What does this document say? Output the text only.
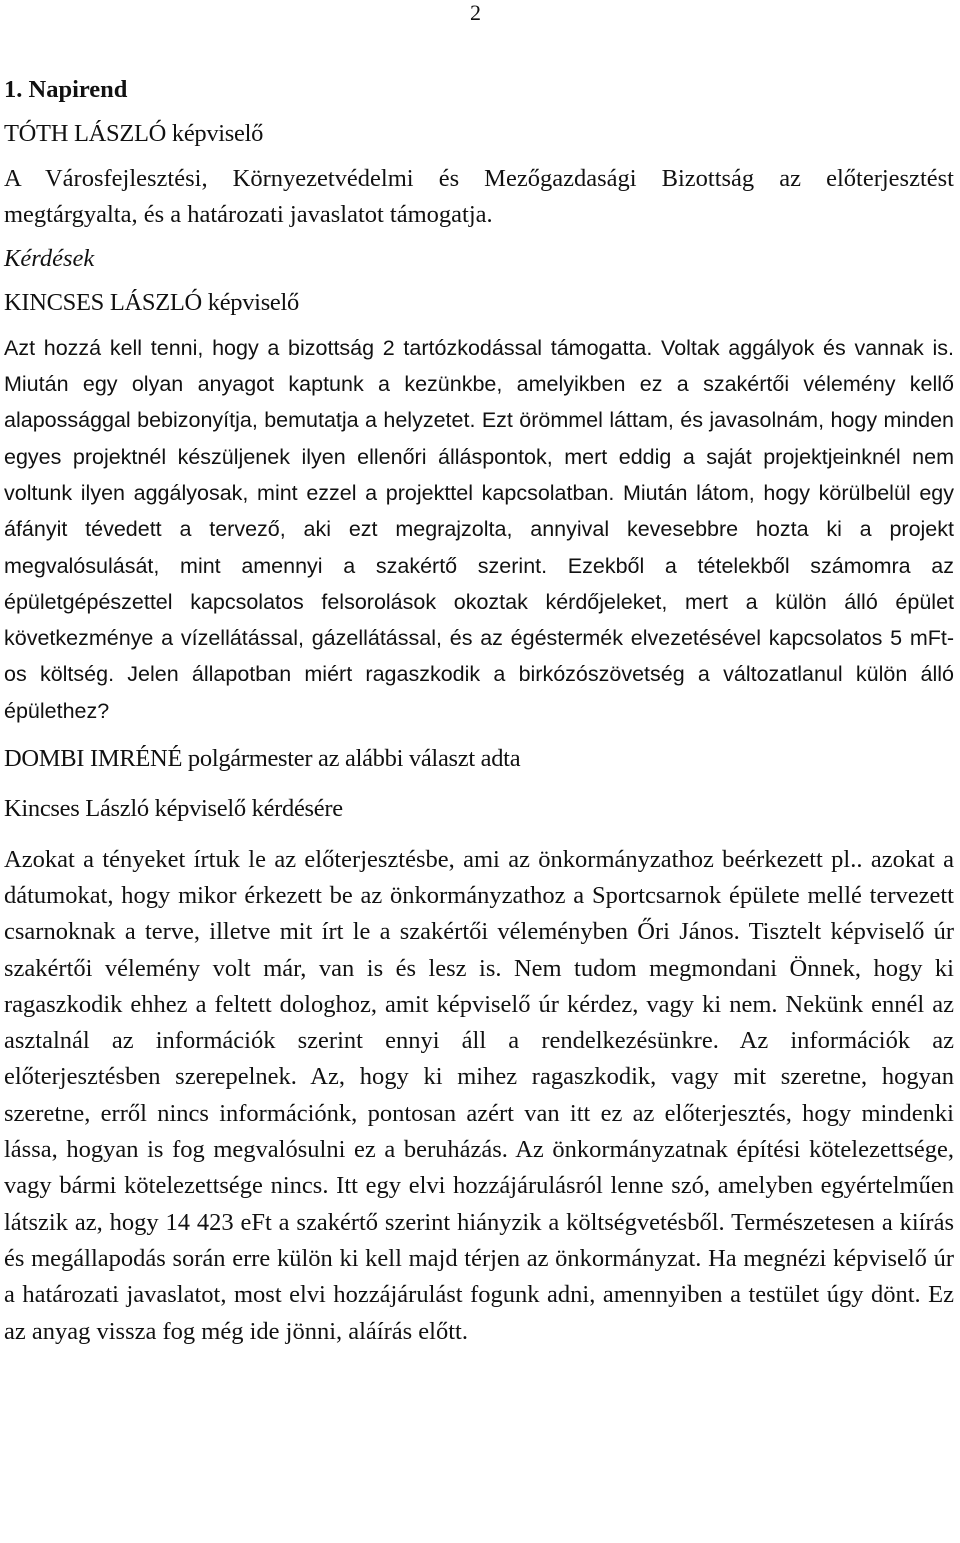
2
1. Napirend
TÓTH LÁSZLÓ képviselő
A Városfejlesztési, Környezetvédelmi és Mezőgazdasági Bizottság az előterjesztést megtárgyalta, és a határozati javaslatot támogatja.
Kérdések
KINCSES LÁSZLÓ képviselő
Azt hozzá kell tenni, hogy a bizottság 2 tartózkodással támogatta. Voltak aggályok és vannak is. Miután egy olyan anyagot kaptunk a kezünkbe, amelyikben ez a szakértői vélemény kellő alapossággal bebizonyítja, bemutatja a helyzetet. Ezt örömmel láttam, és javasolnám, hogy minden egyes projektnél készüljenek ilyen ellenőri álláspontok, mert eddig a saját projektjeinknél nem voltunk ilyen aggályosak, mint ezzel a projekttel kapcsolatban. Miután látom, hogy körülbelül egy áfányit tévedett a tervező, aki ezt megrajzolta, annyival kevesebbre hozta ki a projekt megvalósulását, mint amennyi a szakértő szerint. Ezekből a tételekből számomra az épületgépészettel kapcsolatos felsorolások okoztak kérdőjeleket, mert a külön álló épület következménye a vízellátással, gázellátással, és az égéstermék elvezetésével kapcsolatos 5 mFt-os költség. Jelen állapotban miért ragaszkodik a birkózószövetség a változatlanul külön álló épülethez?
DOMBI IMRÉNÉ polgármester az alábbi választ adta
Kincses László képviselő kérdésére
Azokat a tényeket írtuk le az előterjesztésbe, ami az önkormányzathoz beérkezett pl.. azokat a dátumokat, hogy mikor érkezett be az önkormányzathoz a Sportcsarnok épülete mellé tervezett csarnoknak a terve, illetve mit írt le a szakértői véleményben Őri János. Tisztelt képviselő úr szakértői vélemény volt már, van is és lesz is. Nem tudom megmondani Önnek, hogy ki ragaszkodik ehhez a feltett dologhoz, amit képviselő úr kérdez, vagy ki nem. Nekünk ennél az asztalnál az információk szerint ennyi áll a rendelkezésünkre. Az információk az előterjesztésben szerepelnek. Az, hogy ki mihez ragaszkodik, vagy mit szeretne, hogyan szeretne, erről nincs információnk, pontosan azért van itt ez az előterjesztés, hogy mindenki lássa, hogyan is fog megvalósulni ez a beruházás. Az önkormányzatnak építési kötelezettsége, vagy bármi kötelezettsége nincs. Itt egy elvi hozzájárulásról lenne szó, amelyben egyértelműen látszik az, hogy 14 423 eFt a szakértő szerint hiányzik a költségvetésből. Természetesen a kiírás és megállapodás során erre külön ki kell majd térjen az önkormányzat. Ha megnézi képviselő úr a határozati javaslatot, most elvi hozzájárulást fogunk adni, amennyiben a testület úgy dönt. Ez az anyag vissza fog még ide jönni, aláírás előtt.
